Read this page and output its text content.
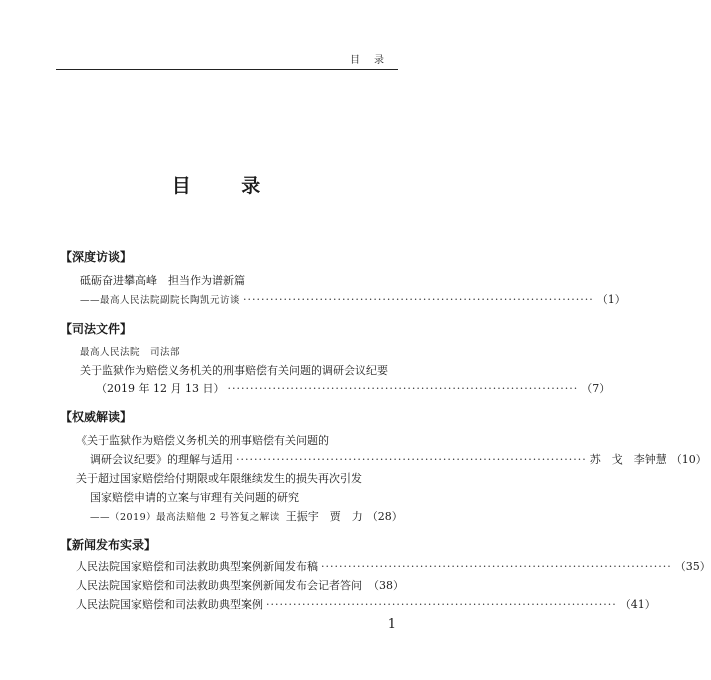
目录
目 录
【深度访谈】
砥砺奋进攀高峰　担当作为谱新篇
——最高人民法院副院长陶凯元访谈 ·············································································· （1）
【司法文件】
最高人民法院　司法部
关于监狱作为赔偿义务机关的刑事赔偿有关问题的调研会议纪要
（2019 年 12 月 13 日） ·············································································· （7）
【权威解读】
《关于监狱作为赔偿义务机关的刑事赔偿有关问题的
调研会议纪要》的理解与适用 ·············································································· 苏　戈　李钟慧 （10）
关于超过国家赔偿给付期限或年限继续发生的损失再次引发
国家赔偿申请的立案与审理有关问题的研究
——（2019）最高法赔他 2 号答复之解读 王振宇　贾　力 （28）
【新闻发布实录】
人民法院国家赔偿和司法救助典型案例新闻发布稿 ·············································································· （35）
人民法院国家赔偿和司法救助典型案例新闻发布会记者答问 （38）
人民法院国家赔偿和司法救助典型案例 ·············································································· （41）
1
